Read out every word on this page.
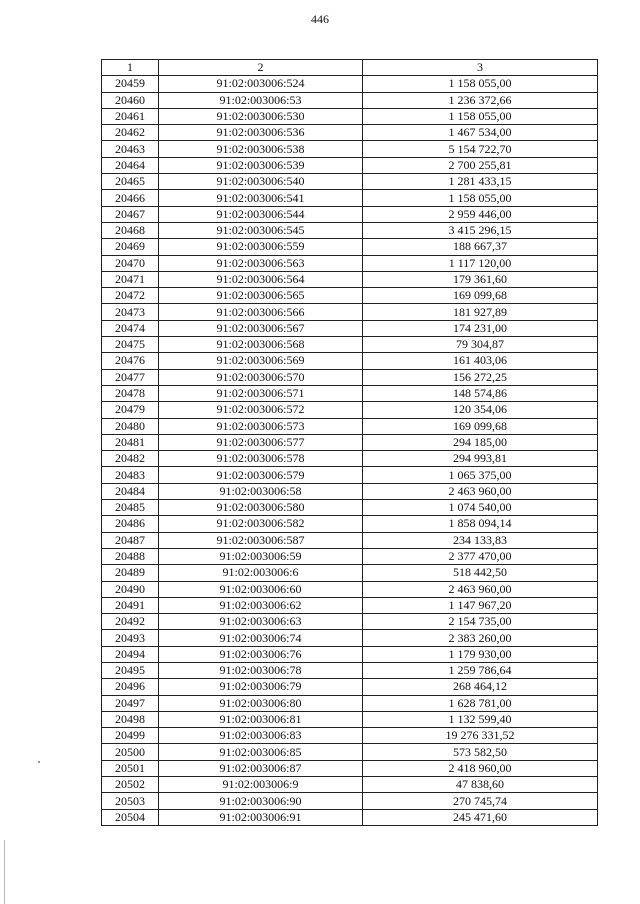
446
1	2	3
20459	91:02:003006:524	1 158 055,00
20460	91:02:003006:53	1 236 372,66
20461	91:02:003006:530	1 158 055,00
20462	91:02:003006:536	1 467 534,00
20463	91:02:003006:538	5 154 722,70
20464	91:02:003006:539	2 700 255,81
20465	91:02:003006:540	1 281 433,15
20466	91:02:003006:541	1 158 055,00
20467	91:02:003006:544	2 959 446,00
20468	91:02:003006:545	3 415 296,15
20469	91:02:003006:559	188 667,37
20470	91:02:003006:563	1 117 120,00
20471	91:02:003006:564	179 361,60
20472	91:02:003006:565	169 099,68
20473	91:02:003006:566	181 927,89
20474	91:02:003006:567	174 231,00
20475	91:02:003006:568	79 304,87
20476	91:02:003006:569	161 403,06
20477	91:02:003006:570	156 272,25
20478	91:02:003006:571	148 574,86
20479	91:02:003006:572	120 354,06
20480	91:02:003006:573	169 099,68
20481	91:02:003006:577	294 185,00
20482	91:02:003006:578	294 993,81
20483	91:02:003006:579	1 065 375,00
20484	91:02:003006:58	2 463 960,00
20485	91:02:003006:580	1 074 540,00
20486	91:02:003006:582	1 858 094,14
20487	91:02:003006:587	234 133,83
20488	91:02:003006:59	2 377 470,00
20489	91:02:003006:6	518 442,50
20490	91:02:003006:60	2 463 960,00
20491	91:02:003006:62	1 147 967,20
20492	91:02:003006:63	2 154 735,00
20493	91:02:003006:74	2 383 260,00
20494	91:02:003006:76	1 179 930,00
20495	91:02:003006:78	1 259 786,64
20496	91:02:003006:79	268 464,12
20497	91:02:003006:80	1 628 781,00
20498	91:02:003006:81	1 132 599,40
20499	91:02:003006:83	19 276 331,52
20500	91:02:003006:85	573 582,50
20501	91:02:003006:87	2 418 960,00
20502	91:02:003006:9	47 838,60
20503	91:02:003006:90	270 745,74
20504	91:02:003006:91	245 471,60
